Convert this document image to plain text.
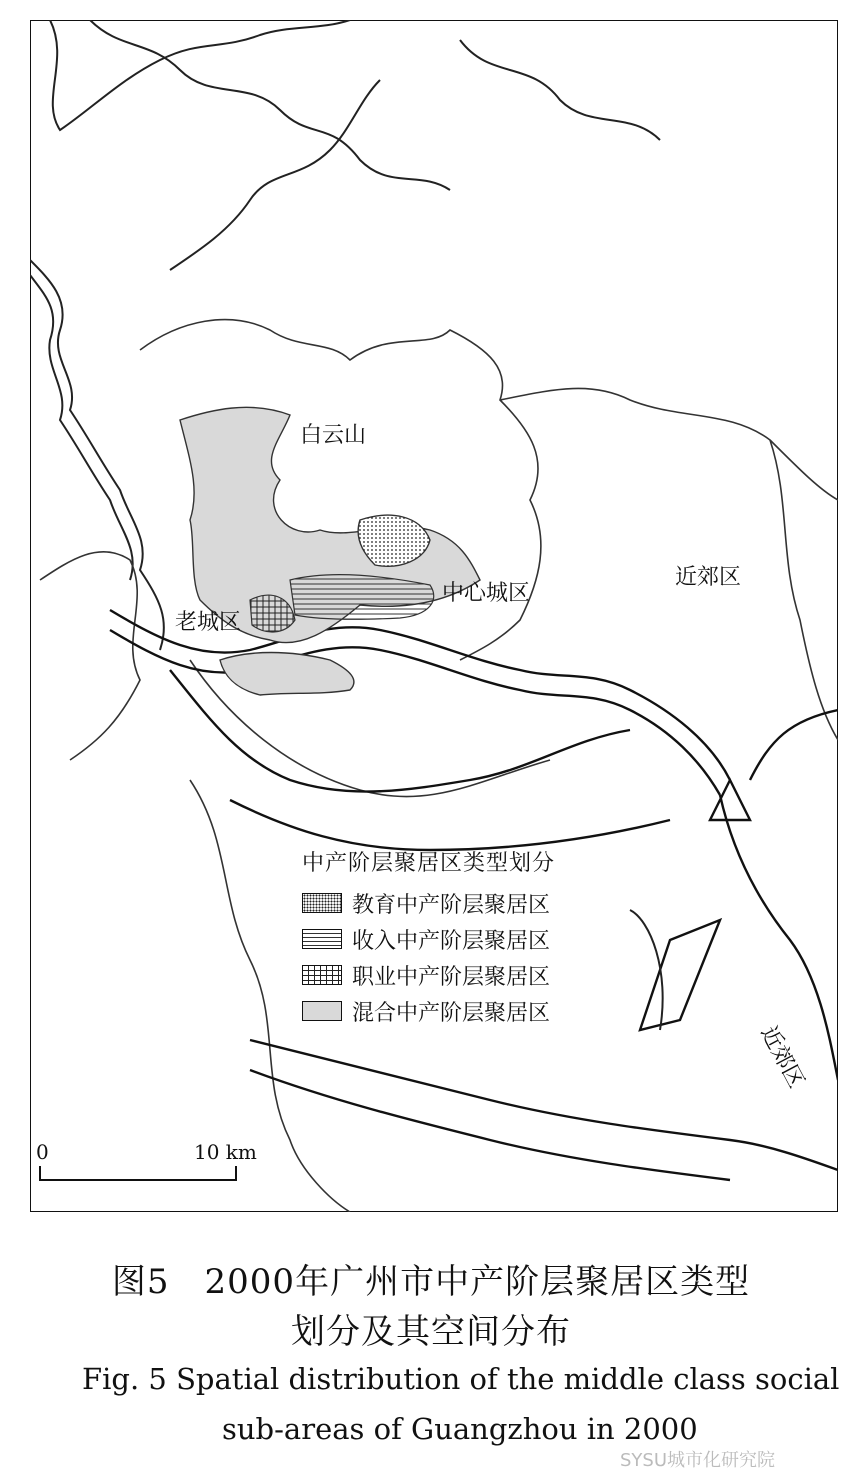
白云山
中心城区
近郊区
老城区
近郊区
中产阶层聚居区类型划分
教育中产阶层聚居区
收入中产阶层聚居区
职业中产阶层聚居区
混合中产阶层聚居区
0	10 km
图5　2000年广州市中产阶层聚居区类型
划分及其空间分布
Fig. 5 Spatial distribution of the middle class social
sub-areas of Guangzhou in 2000
SYSU城市化研究院
